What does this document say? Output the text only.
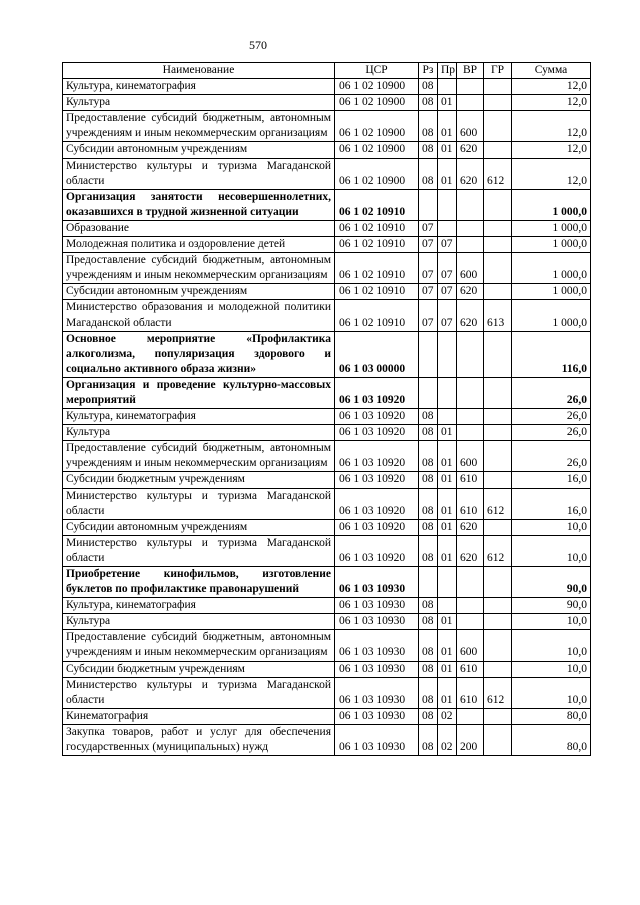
570
Наименование	ЦСР	Рз	Пр	ВР	ГР	Сумма
Культура, кинематография	06 1 02 10900	08				12,0
Культура	06 1 02 10900	08	01			12,0
Предоставление субсидий бюджетным, автономным учреждениям и иным некоммерческим организациям	06 1 02 10900	08	01	600		12,0
Субсидии автономным учреждениям	06 1 02 10900	08	01	620		12,0
Министерство культуры и туризма Магаданской области	06 1 02 10900	08	01	620	612	12,0
Организация занятости несовершеннолетних, оказавшихся в трудной жизненной ситуации	06 1 02 10910					1 000,0
Образование	06 1 02 10910	07				1 000,0
Молодежная политика и оздоровление детей	06 1 02 10910	07	07			1 000,0
Предоставление субсидий бюджетным, автономным учреждениям и иным некоммерческим организациям	06 1 02 10910	07	07	600		1 000,0
Субсидии автономным учреждениям	06 1 02 10910	07	07	620		1 000,0
Министерство образования и молодежной политики Магаданской области	06 1 02 10910	07	07	620	613	1 000,0
Основное мероприятие «Профилактика алкоголизма, популяризация здорового и социально активного образа жизни»	06 1 03 00000					116,0
Организация и проведение культурно-массовых мероприятий	06 1 03 10920					26,0
Культура, кинематография	06 1 03 10920	08				26,0
Культура	06 1 03 10920	08	01			26,0
Предоставление субсидий бюджетным, автономным учреждениям и иным некоммерческим организациям	06 1 03 10920	08	01	600		26,0
Субсидии бюджетным учреждениям	06 1 03 10920	08	01	610		16,0
Министерство культуры и туризма Магаданской области	06 1 03 10920	08	01	610	612	16,0
Субсидии автономным учреждениям	06 1 03 10920	08	01	620		10,0
Министерство культуры и туризма Магаданской области	06 1 03 10920	08	01	620	612	10,0
Приобретение кинофильмов, изготовление буклетов по профилактике правонарушений	06 1 03 10930					90,0
Культура, кинематография	06 1 03 10930	08				90,0
Культура	06 1 03 10930	08	01			10,0
Предоставление субсидий бюджетным, автономным учреждениям и иным некоммерческим организациям	06 1 03 10930	08	01	600		10,0
Субсидии бюджетным учреждениям	06 1 03 10930	08	01	610		10,0
Министерство культуры и туризма Магаданской области	06 1 03 10930	08	01	610	612	10,0
Кинематография	06 1 03 10930	08	02			80,0
Закупка товаров, работ и услуг для обеспечения государственных (муниципальных) нужд	06 1 03 10930	08	02	200		80,0
